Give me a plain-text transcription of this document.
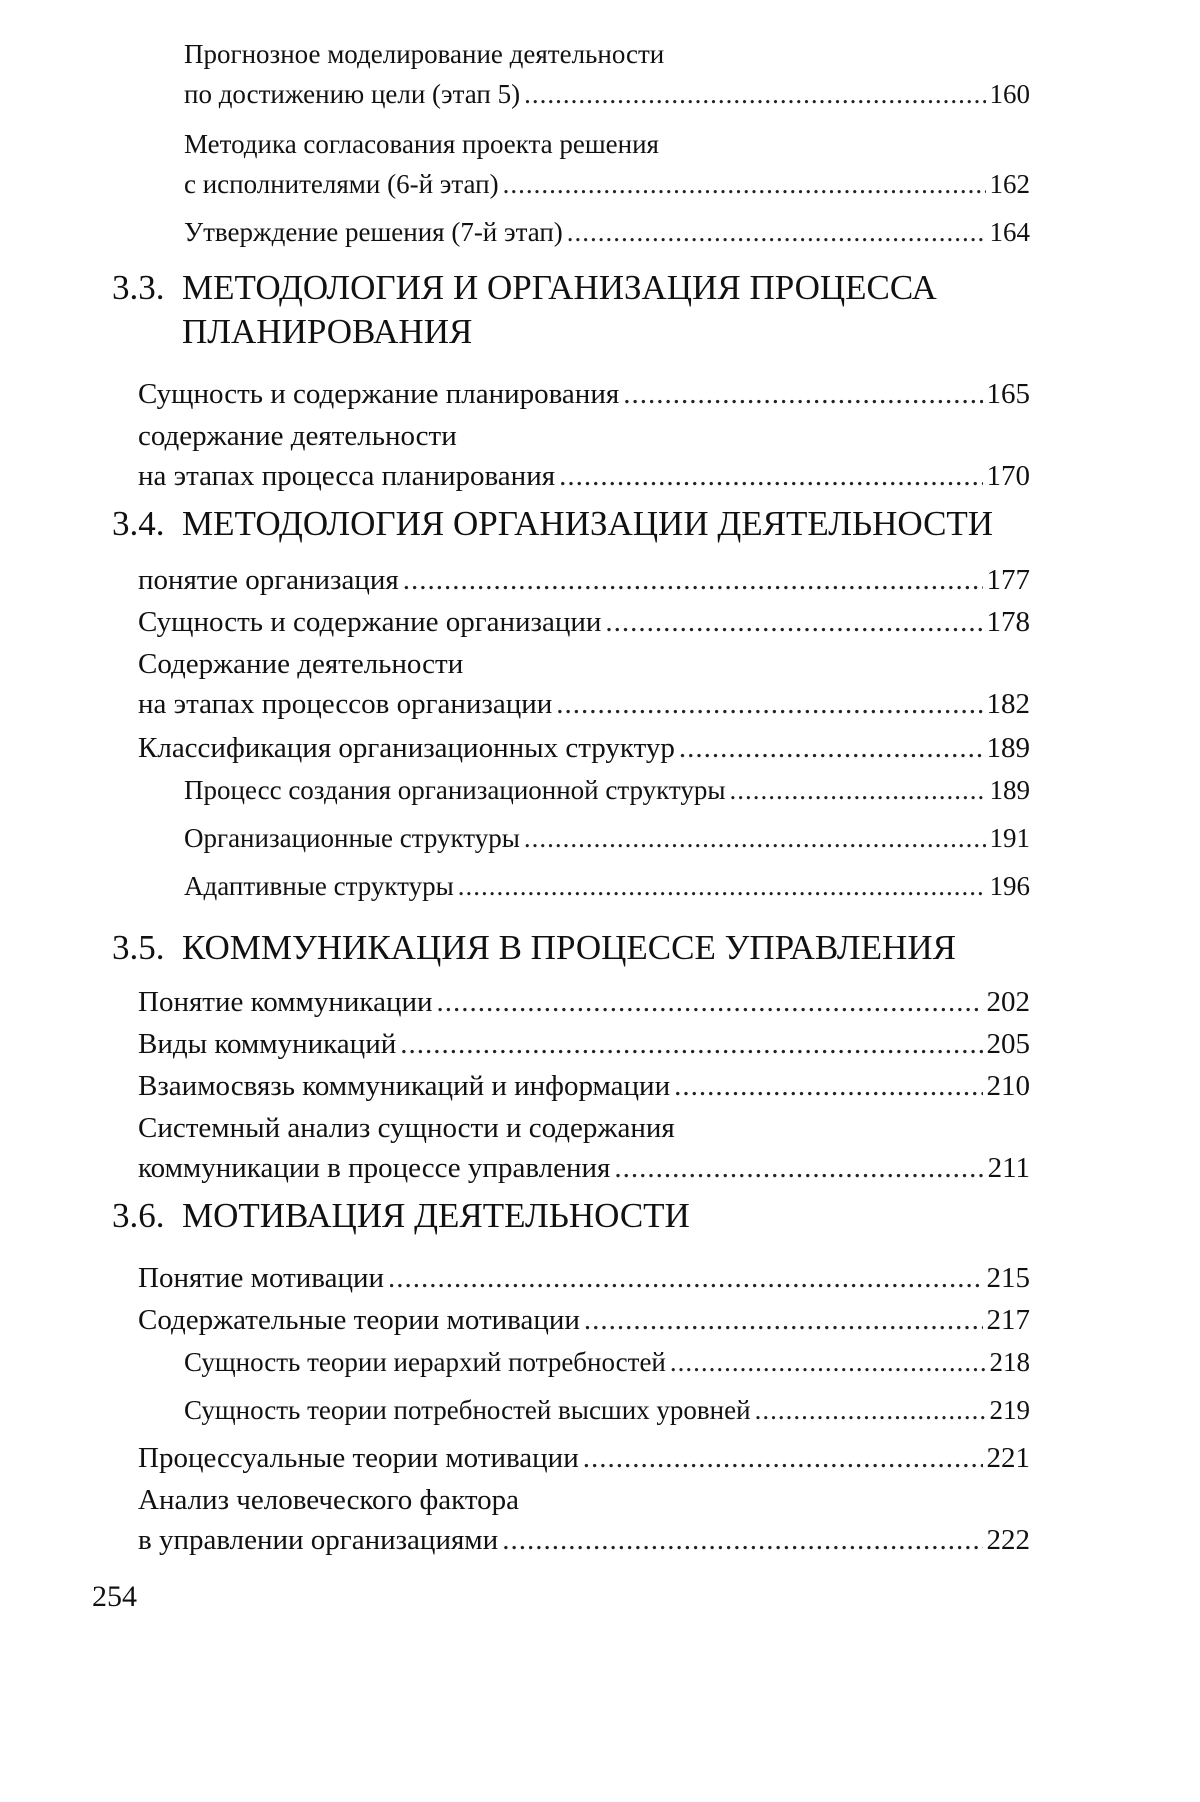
Прогнозное моделирование деятельности
по достижению цели (этап 5) .....	160
Методика согласования проекта решения
с исполнителями (6-й этап) .....	162
Утверждение решения (7-й этап) .....	164
3.3. МЕТОДОЛОГИЯ И ОРГАНИЗАЦИЯ ПРОЦЕССА
ПЛАНИРОВАНИЯ
Сущность и содержание планирования .....	165
содержание деятельности
на этапах процесса планирования .....	170
3.4. МЕТОДОЛОГИЯ ОРГАНИЗАЦИИ ДЕЯТЕЛЬНОСТИ
понятие организация .....	177
Сущность и содержание организации .....	178
Содержание деятельности
на этапах процессов организации .....	182
Классификация организационных структур .....	189
Процесс создания организационной структуры .....	189
Организационные структуры .....	191
Адаптивные структуры .....	196
3.5. КОММУНИКАЦИЯ В ПРОЦЕССЕ УПРАВЛЕНИЯ
Понятие коммуникации .....	202
Виды коммуникаций .....	205
Взаимосвязь коммуникаций и информации .....	210
Системный анализ сущности и содержания
коммуникации в процессе управления .....	211
3.6. МОТИВАЦИЯ ДЕЯТЕЛЬНОСТИ
Понятие мотивации .....	215
Содержательные теории мотивации .....	217
Сущность теории иерархий потребностей .....	218
Сущность теории потребностей высших уровней .....	219
Процессуальные теории мотивации .....	221
Анализ человеческого фактора
в управлении организациями .....	222
254
